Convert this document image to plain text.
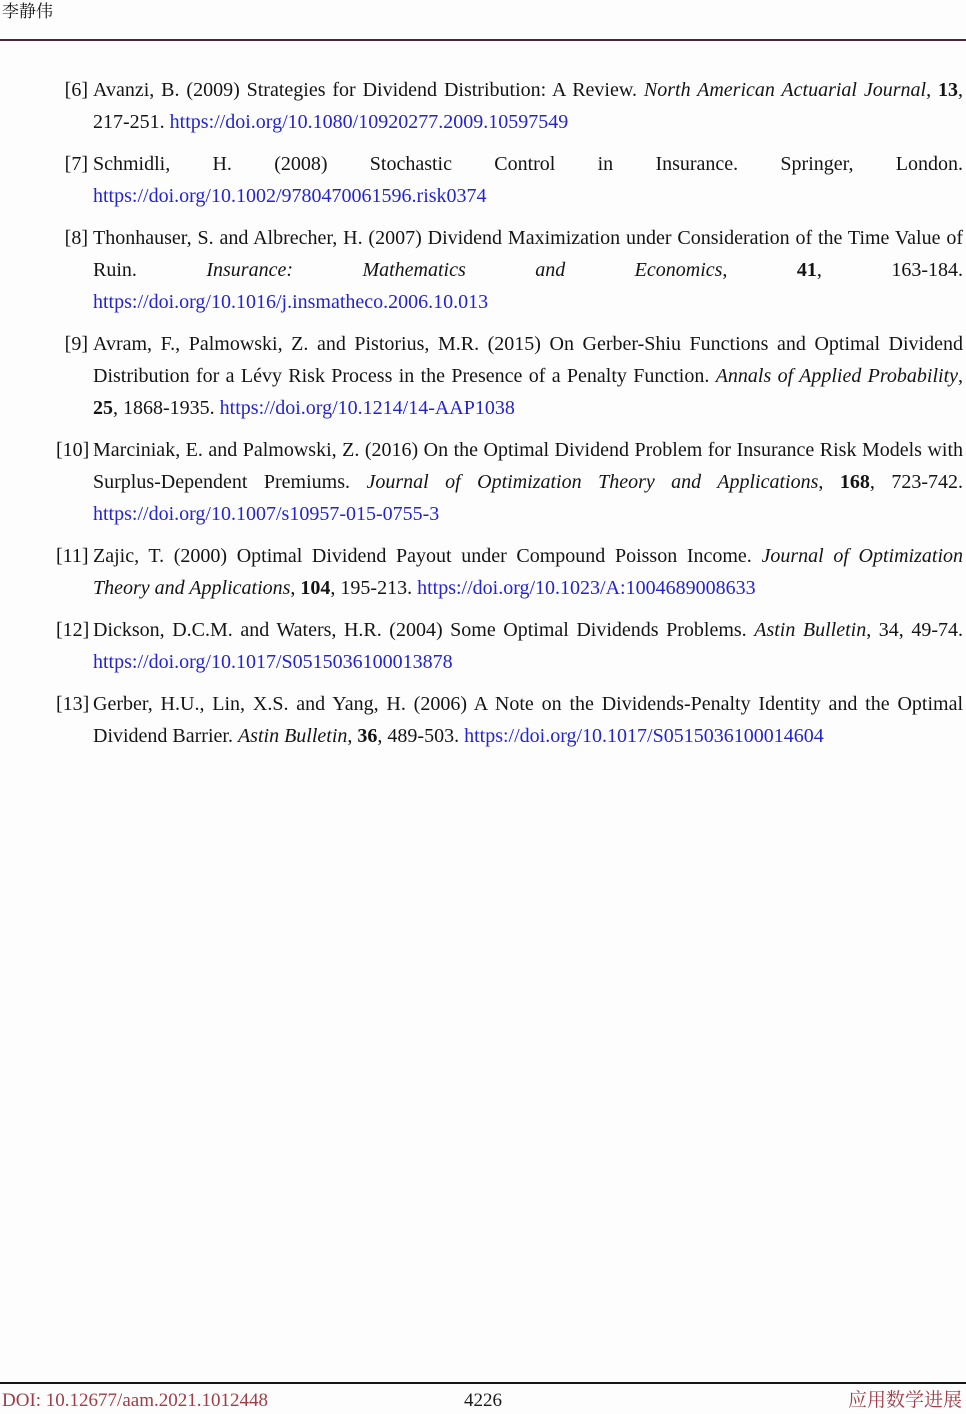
李静伟
[6] Avanzi, B. (2009) Strategies for Dividend Distribution: A Review. North American Actuarial Journal, 13, 217-251. https://doi.org/10.1080/10920277.2009.10597549
[7] Schmidli, H. (2008) Stochastic Control in Insurance. Springer, London. https://doi.org/10.1002/9780470061596.risk0374
[8] Thonhauser, S. and Albrecher, H. (2007) Dividend Maximization under Consideration of the Time Value of Ruin. Insurance: Mathematics and Economics, 41, 163-184. https://doi.org/10.1016/j.insmatheco.2006.10.013
[9] Avram, F., Palmowski, Z. and Pistorius, M.R. (2015) On Gerber-Shiu Functions and Optimal Dividend Distribution for a Lévy Risk Process in the Presence of a Penalty Function. Annals of Applied Probability, 25, 1868-1935. https://doi.org/10.1214/14-AAP1038
[10] Marciniak, E. and Palmowski, Z. (2016) On the Optimal Dividend Problem for Insurance Risk Models with Surplus-Dependent Premiums. Journal of Optimization Theory and Applications, 168, 723-742. https://doi.org/10.1007/s10957-015-0755-3
[11] Zajic, T. (2000) Optimal Dividend Payout under Compound Poisson Income. Journal of Optimization Theory and Applications, 104, 195-213. https://doi.org/10.1023/A:1004689008633
[12] Dickson, D.C.M. and Waters, H.R. (2004) Some Optimal Dividends Problems. Astin Bulletin, 34, 49-74. https://doi.org/10.1017/S0515036100013878
[13] Gerber, H.U., Lin, X.S. and Yang, H. (2006) A Note on the Dividends-Penalty Identity and the Optimal Dividend Barrier. Astin Bulletin, 36, 489-503. https://doi.org/10.1017/S0515036100014604
DOI: 10.12677/aam.2021.1012448	4226	应用数学进展
